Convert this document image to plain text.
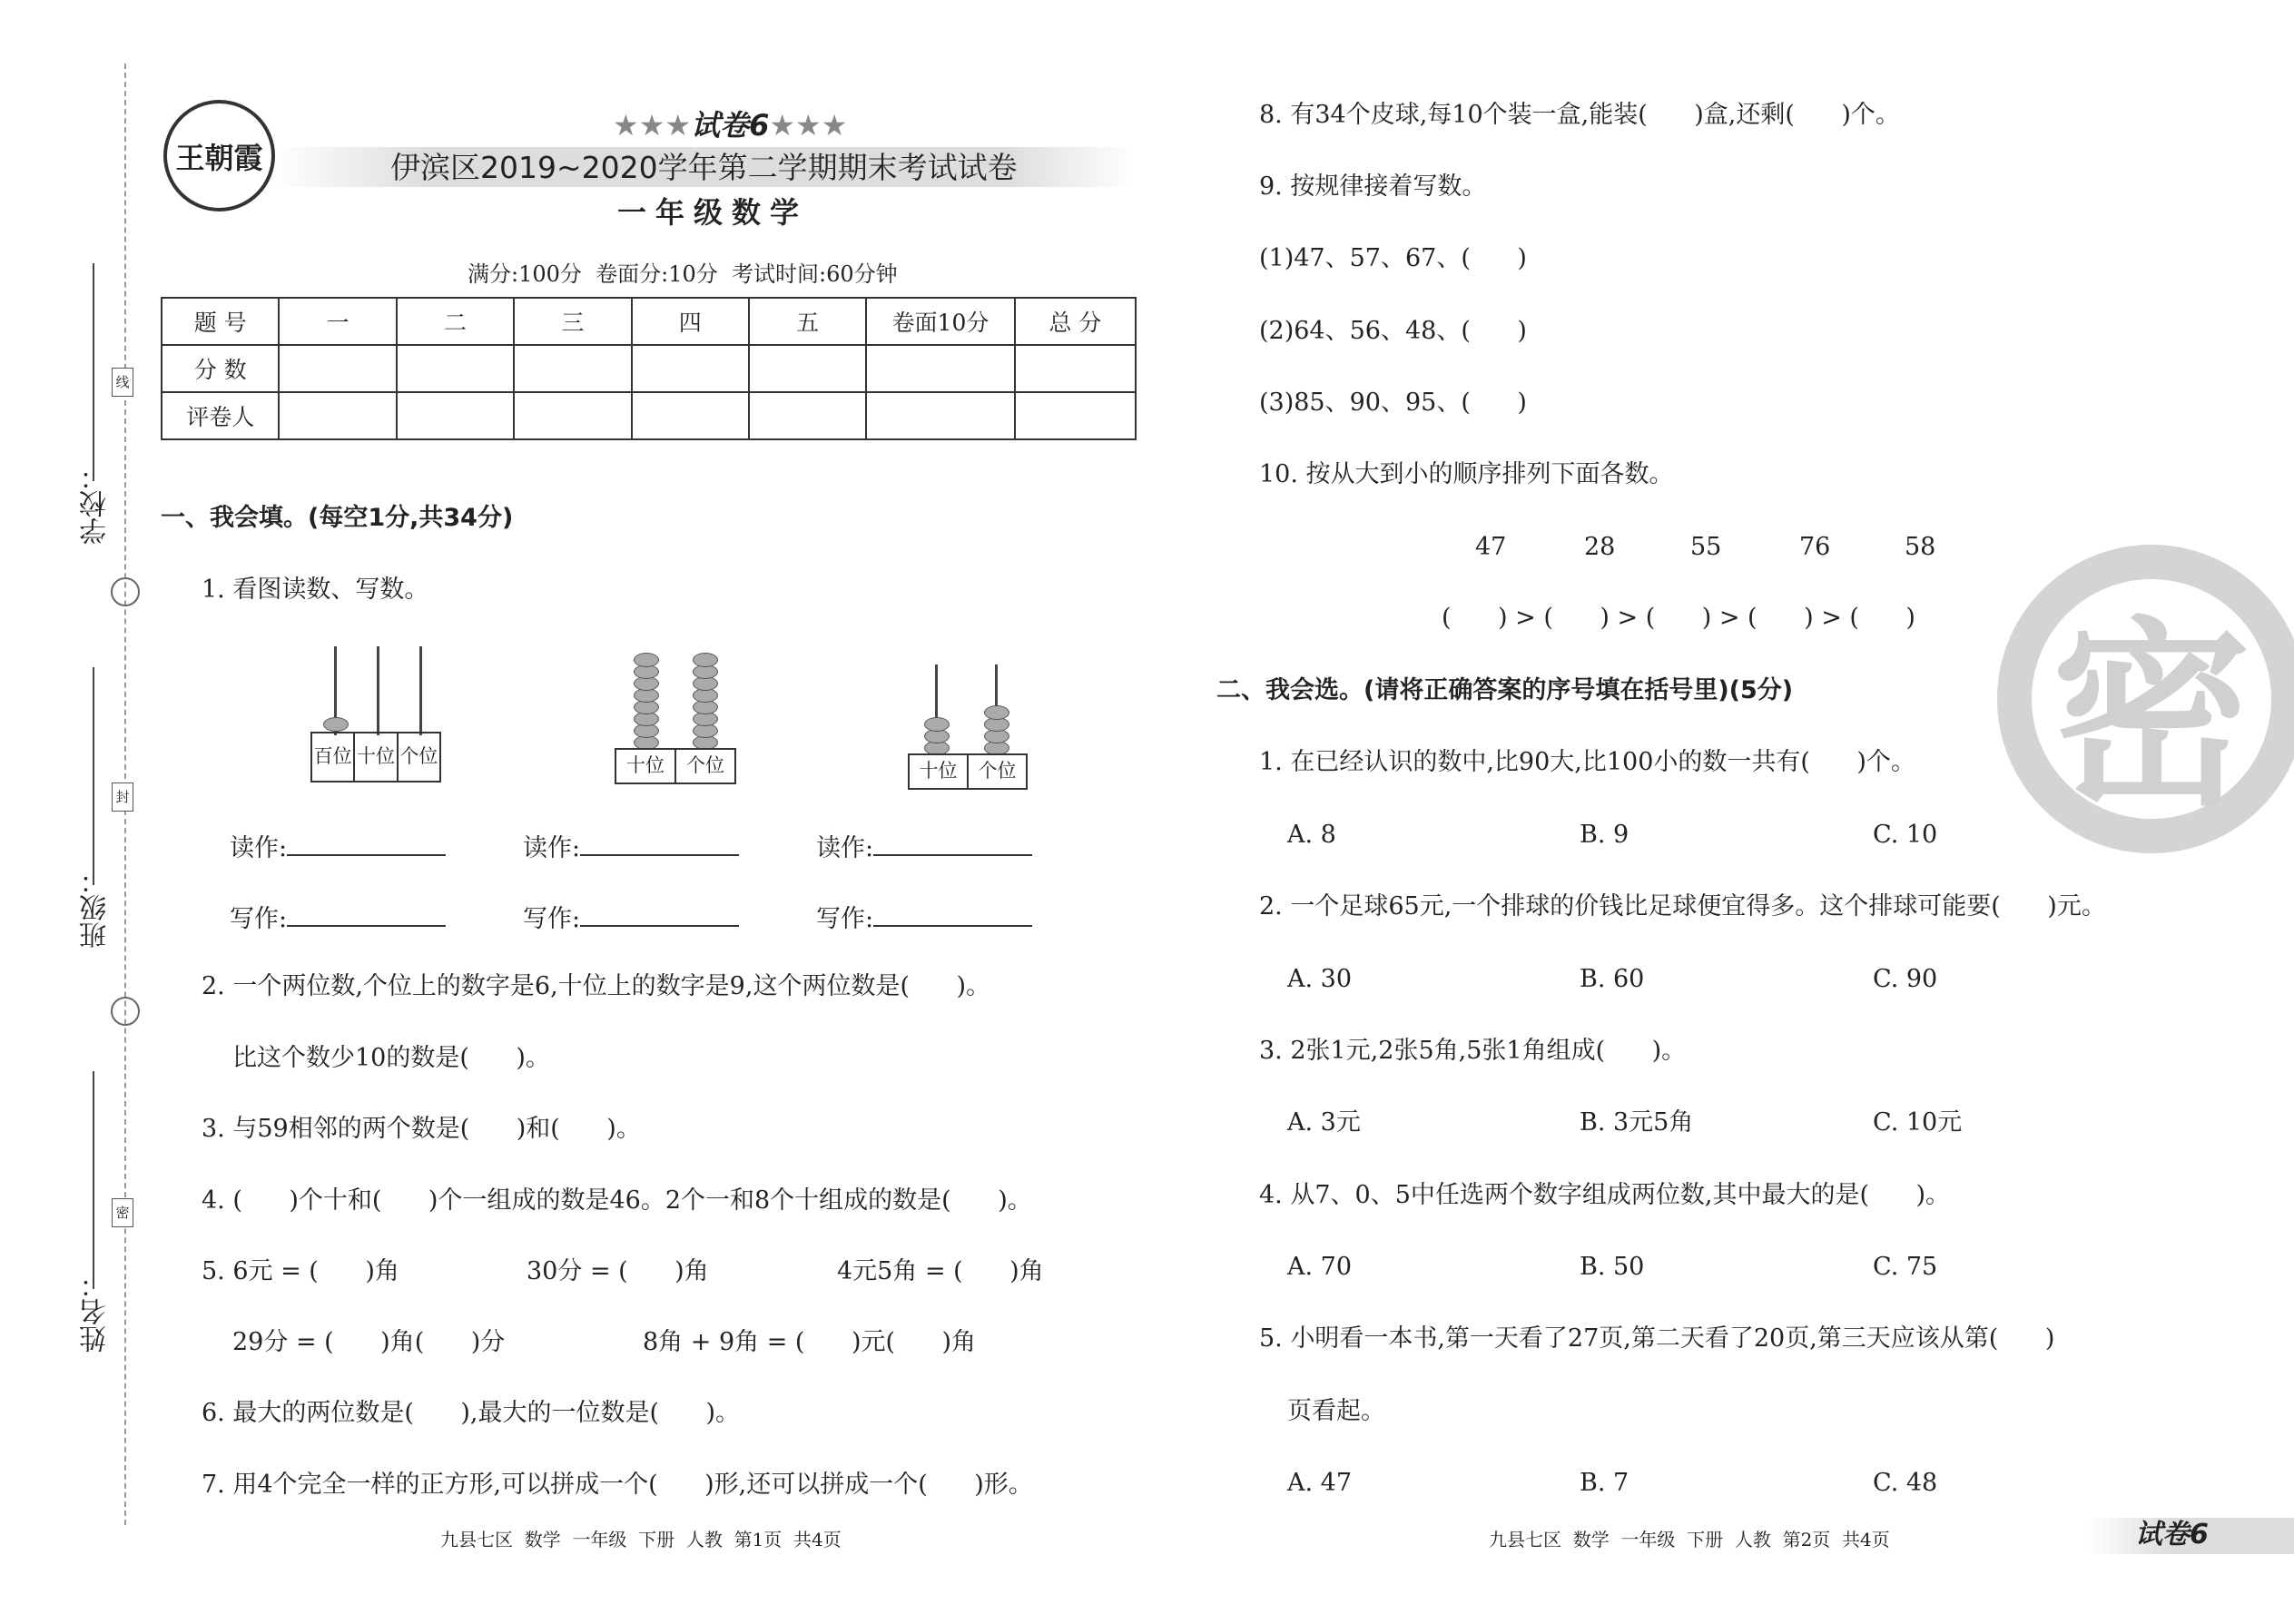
学校：
线
班级：
封
姓名：
密
王朝霞
★★★试卷6★★★
伊滨区2019~2020学年第二学期期末考试试卷
一年级数学
满分:100分  卷面分:10分  考试时间:60分钟
题 号	一	二	三	四	五	卷面10分	总 分
分 数							
评卷人							
一、我会填。(每空1分,共34分)
1. 看图读数、写数。
百位 十位 个位	十位	个位	十位	个位
读作:	读作:	读作:
写作:	写作:	写作:
2. 一个两位数,个位上的数字是6,十位上的数字是9,这个两位数是(      )。
比这个数少10的数是(      )。
3. 与59相邻的两个数是(      )和(      )。
4. (      )个十和(      )个一组成的数是46。2个一和8个十组成的数是(      )。
5. 6元 = (      )角	30分 = (      )角	4元5角 = (      )角
29分 = (      )角(      )分	8角 + 9角 = (      )元(      )角
6. 最大的两位数是(      ),最大的一位数是(      )。
7. 用4个完全一样的正方形,可以拼成一个(      )形,还可以拼成一个(      )形。
九县七区  数学  一年级  下册  人教  第1页  共4页
密
8. 有34个皮球,每10个装一盒,能装(      )盒,还剩(      )个。
9. 按规律接着写数。
(1)47、57、67、(      )
(2)64、56、48、(      )
(3)85、90、95、(      )
10. 按从大到小的顺序排列下面各数。
47	28	55	76	58
(      ) > (      ) > (      ) > (      ) > (      )
二、我会选。(请将正确答案的序号填在括号里)(5分)
1. 在已经认识的数中,比90大,比100小的数一共有(      )个。
A. 8	B. 9	C. 10
2. 一个足球65元,一个排球的价钱比足球便宜得多。这个排球可能要(      )元。
A. 30	B. 60	C. 90
3. 2张1元,2张5角,5张1角组成(      )。
A. 3元	B. 3元5角	C. 10元
4. 从7、0、5中任选两个数字组成两位数,其中最大的是(      )。
A. 70	B. 50	C. 75
5. 小明看一本书,第一天看了27页,第二天看了20页,第三天应该从第(      )
页看起。
A. 47	B. 7	C. 48
九县七区  数学  一年级  下册  人教  第2页  共4页	试卷6
